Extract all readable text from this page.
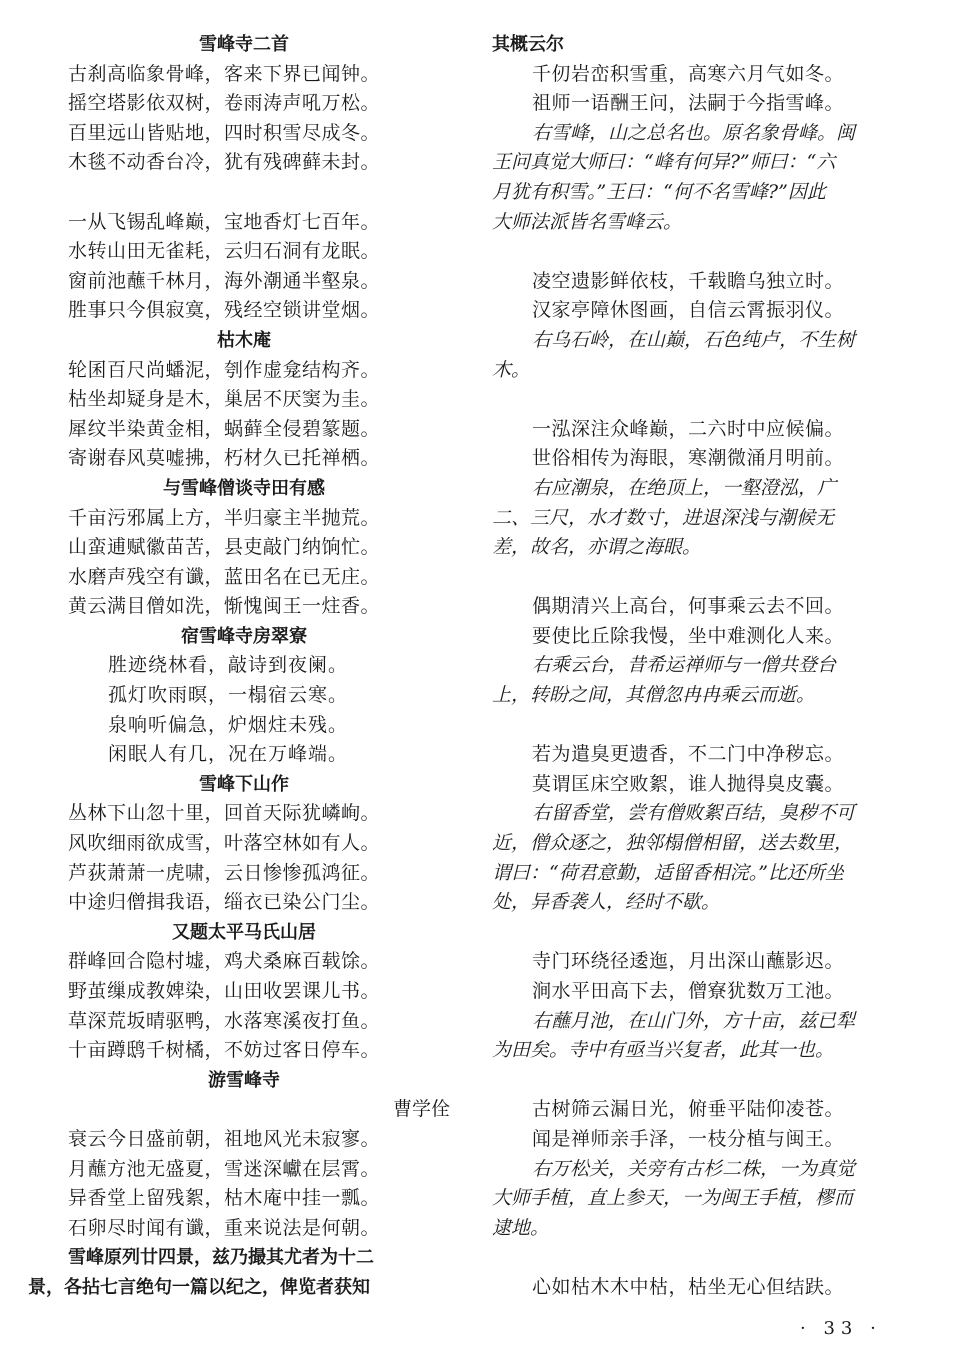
雪峰寺二首
古刹高临象骨峰，客来下界已闻钟。
摇空塔影依双树，卷雨涛声吼万松。
百里远山皆贴地，四时积雪尽成冬。
木毯不动香台冷，犹有残碑藓未封。
一从飞锡乱峰巅，宝地香灯七百年。
水转山田无雀耗，云归石洞有龙眠。
窗前池蘸千林月，海外潮通半壑泉。
胜事只今俱寂寞，残经空锁讲堂烟。
枯木庵
轮囷百尺尚蟠泥，刳作虚龛结构齐。
枯坐却疑身是木，巢居不厌窦为圭。
犀纹半染黄金相，蜗藓全侵碧篆题。
寄谢春风莫嘘拂，朽材久已托禅栖。
与雪峰僧谈寺田有感
千亩污邪属上方，半归豪主半抛荒。
山蛮逋赋徽苗苦，县吏敲门纳饷忙。
水磨声残空有谶，蓝田名在已无庄。
黄云满目僧如洗，惭愧闽王一炷香。
宿雪峰寺房翠寮
胜迹绕林看，敲诗到夜阑。
孤灯吹雨暝，一榻宿云寒。
泉响听偏急，炉烟炷未残。
闲眠人有几，况在万峰端。
雪峰下山作
丛林下山忽十里，回首天际犹嶙峋。
风吹细雨欲成雪，叶落空林如有人。
芦荻萧萧一虎啸，云日惨惨孤鸿征。
中途归僧揖我语，缁衣已染公门尘。
又题太平马氏山居
群峰回合隐村墟，鸡犬桑麻百载馀。
野茧缫成教婢染，山田收罢课儿书。
草深荒坂晴驱鸭，水落寒溪夜打鱼。
十亩蹲鸱千树橘，不妨过客日停车。
游雪峰寺
曹学佺
衰云今日盛前朝，祖地风光未寂寥。
月蘸方池无盛夏，雪迷深巘在层霄。
异香堂上留残絮，枯木庵中挂一瓢。
石卵尽时闻有谶，重来说法是何朝。
雪峰原列廿四景，兹乃撮其尤者为十二
景，各拈七言绝句一篇以纪之，俾览者获知
其概云尔
千仞岩峦积雪重，高寒六月气如冬。
祖师一语酬王问，法嗣于今指雪峰。
右雪峰，山之总名也。原名象骨峰。闽
王问真觉大师曰：“峰有何异?”师曰：“六
月犹有积雪。”王曰：“何不名雪峰?”因此
大师法派皆名雪峰云。
凌空遗影鲜依枝，千载瞻乌独立时。
汉家亭障休图画，自信云霄振羽仪。
右乌石岭，在山巅，石色纯卢，不生树
木。
一泓深注众峰巅，二六时中应候偏。
世俗相传为海眼，寒潮微涌月明前。
右应潮泉，在绝顶上，一壑澄泓，广
二、三尺，水才数寸，进退深浅与潮候无
差，故名，亦谓之海眼。
偶期清兴上高台，何事乘云去不回。
要使比丘除我慢，坐中难测化人来。
右乘云台，昔希运禅师与一僧共登台
上，转盼之间，其僧忽冉冉乘云而逝。
若为遣臭更遗香，不二门中净秽忘。
莫谓匡床空败絮，谁人抛得臭皮囊。
右留香堂，尝有僧败絮百结，臭秽不可
近，僧众逐之，独邻榻僧相留，送去数里，
谓曰：“荷君意勤，适留香相浣。”比还所坐
处，异香袭人，经时不歇。
寺门环绕径逶迤，月出深山蘸影迟。
涧水平田高下去，僧寮犹数万工池。
右蘸月池，在山门外，方十亩，兹已犁
为田矣。寺中有亟当兴复者，此其一也。
古树筛云漏日光，俯垂平陆仰凌苍。
闻是禅师亲手泽，一枝分植与闽王。
右万松关，关旁有古杉二株，一为真觉
大师手植，直上参天，一为闽王手植，樛而
逮地。
心如枯木木中枯，枯坐无心但结趺。
· 33 ·
